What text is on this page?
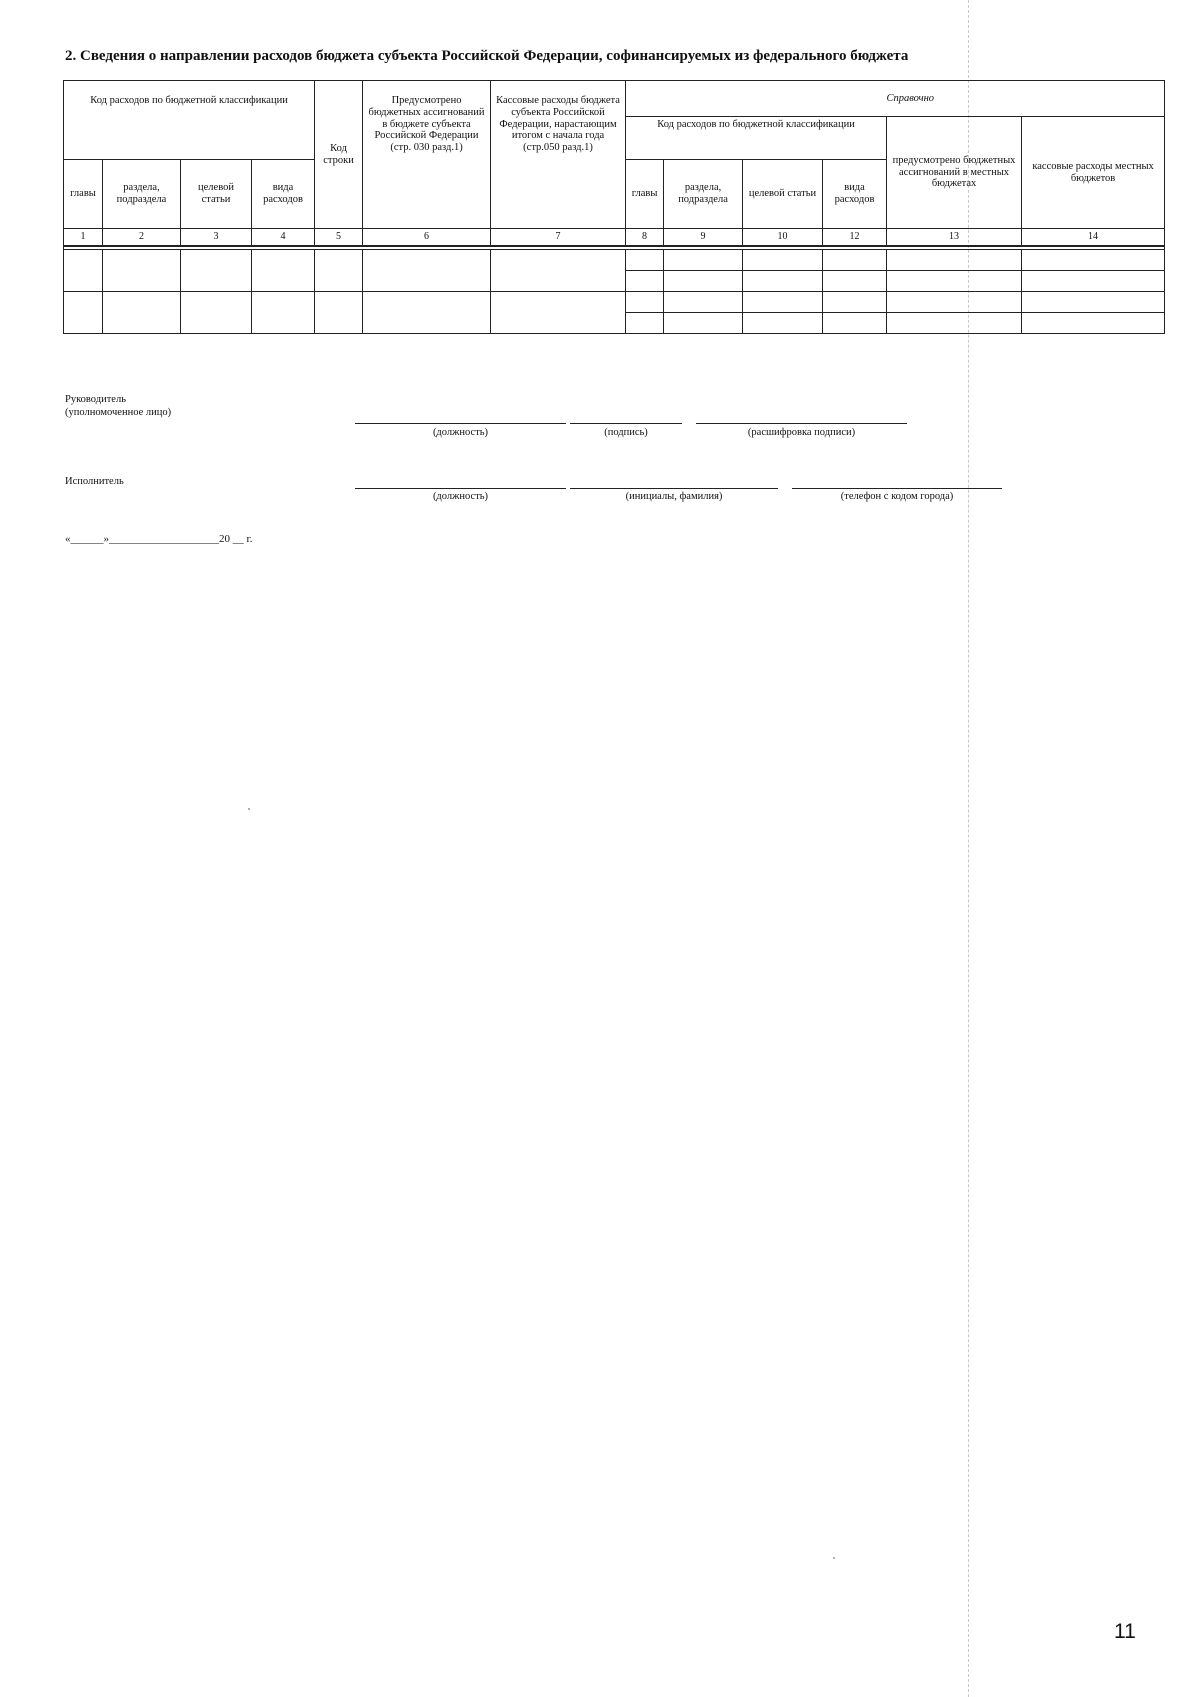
2. Сведения о направлении расходов бюджета субъекта Российской Федерации, софинансируемых из федерального бюджета
Код расходов по бюджетной классификации				Код строки	Предусмотрено бюджетных ассигнований в бюджете субъекта Российской Федерации (стр. 030 разд.1)	Кассовые расходы бюджета субъекта Российской Федерации, нарастающим итогом с начала года (стр.050 разд.1)	Справочно					
							Код расходов по бюджетной классификации				предусмотрено бюджетных ассигнований в местных бюджетах	кассовые расходы местных бюджетов
главы	раздела, подраздела	целевой статьи	вида расходов				главы	раздела, подраздела	целевой статьи	вида расходов		
1	2	3	4	5	6	7	8	9	10	12	13	14

Руководитель
(уполномоченное лицо)
(должность)	(подпись)	(расшифровка подписи)
Исполнитель
(должность)	(инициалы, фамилия)	(телефон с кодом города)
«______»____________________20 __ г.
11
